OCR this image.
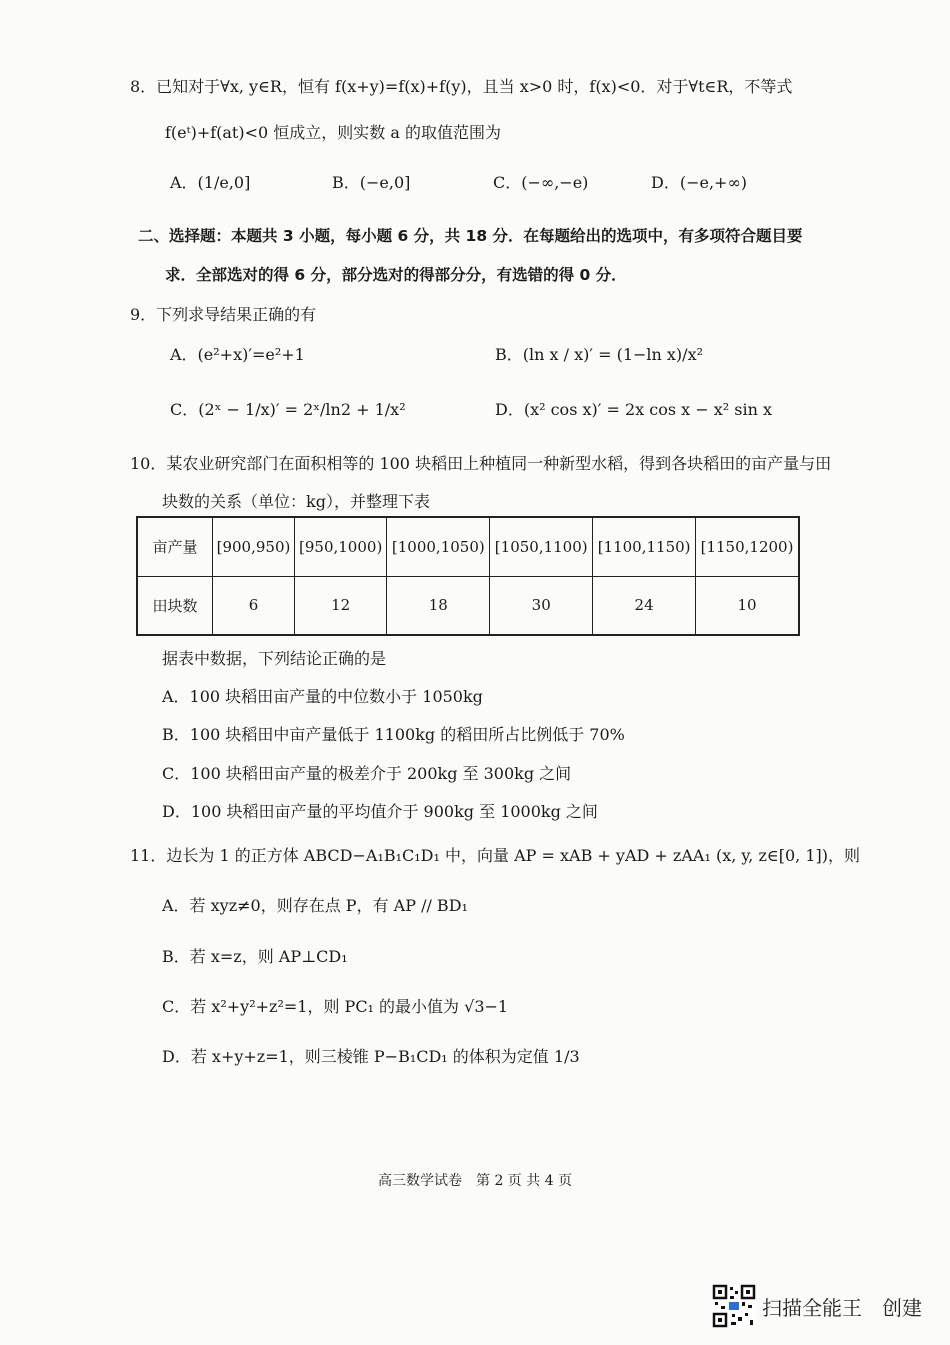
8．已知对于∀x, y∈R，恒有 f(x+y)=f(x)+f(y)，且当 x>0 时，f(x)<0．对于∀t∈R，不等式
f(eᵗ)+f(at)<0 恒成立，则实数 a 的取值范围为
A．(1/e,0]	B．(−e,0]	C．(−∞,−e)	D．(−e,+∞)
二、选择题：本题共 3 小题，每小题 6 分，共 18 分．在每题给出的选项中，有多项符合题目要
求．全部选对的得 6 分，部分选对的得部分分，有选错的得 0 分．
9．下列求导结果正确的有
A．(e²+x)′=e²+1	B．(ln x / x)′ = (1−ln x)/x²
C．(2ˣ − 1/x)′ = 2ˣ/ln2 + 1/x²	D．(x² cos x)′ = 2x cos x − x² sin x
10．某农业研究部门在面积相等的 100 块稻田上种植同一种新型水稻，得到各块稻田的亩产量与田
块数的关系（单位：kg），并整理下表
亩产量	[900,950)	[950,1000)	[1000,1050)	[1050,1100)	[1100,1150)	[1150,1200)
田块数	6	12	18	30	24	10
据表中数据，下列结论正确的是
A．100 块稻田亩产量的中位数小于 1050kg
B．100 块稻田中亩产量低于 1100kg 的稻田所占比例低于 70%
C．100 块稻田亩产量的极差介于 200kg 至 300kg 之间
D．100 块稻田亩产量的平均值介于 900kg 至 1000kg 之间
11．边长为 1 的正方体 ABCD−A₁B₁C₁D₁ 中，向量 AP = xAB + yAD + zAA₁ (x, y, z∈[0, 1])，则
A．若 xyz≠0，则存在点 P，有 AP // BD₁
B．若 x=z，则 AP⊥CD₁
C．若 x²+y²+z²=1，则 PC₁ 的最小值为 √3−1
D．若 x+y+z=1，则三棱锥 P−B₁CD₁ 的体积为定值 1/3
高三数学试卷　第 2 页 共 4 页
扫描全能王　创建
